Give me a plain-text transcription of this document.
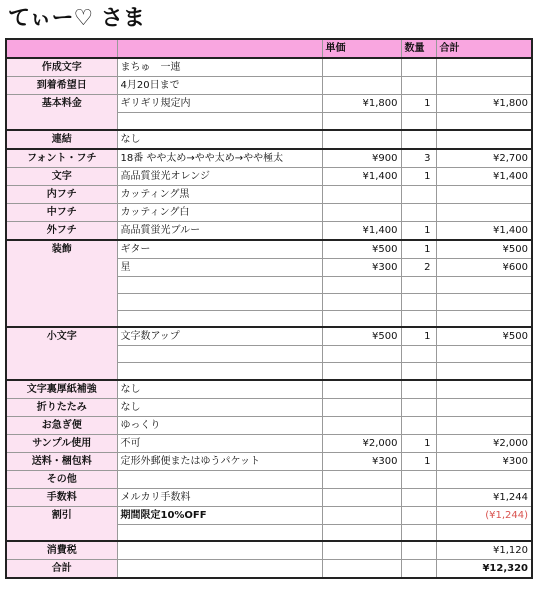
てぃー♡ さま
		単価	数量	合計
作成文字	まちゅ　一連			
到着希望日	4月20日まで			
基本料金	ギリギリ規定内	¥1,800	1	¥1,800

連結	なし			
フォント・フチ	18番 やや太め→やや太め→やや極太	¥900	3	¥2,700
文字	高品質蛍光オレンジ	¥1,400	1	¥1,400
内フチ	カッティング黒			
中フチ	カッティング白			
外フチ	高品質蛍光ブルー	¥1,400	1	¥1,400
装飾	ギター	¥500	1	¥500
	星	¥300	2	¥600

小文字	文字数アップ	¥500	1	¥500

文字裏厚紙補強	なし			
折りたたみ	なし			
お急ぎ便	ゆっくり			
サンプル使用	不可	¥2,000	1	¥2,000
送料・梱包料	定形外郵便またはゆうパケット	¥300	1	¥300
その他				
手数料	メルカリ手数料			¥1,244
割引	期間限定10%OFF			(¥1,244)

消費税				¥1,120
合計				¥12,320
